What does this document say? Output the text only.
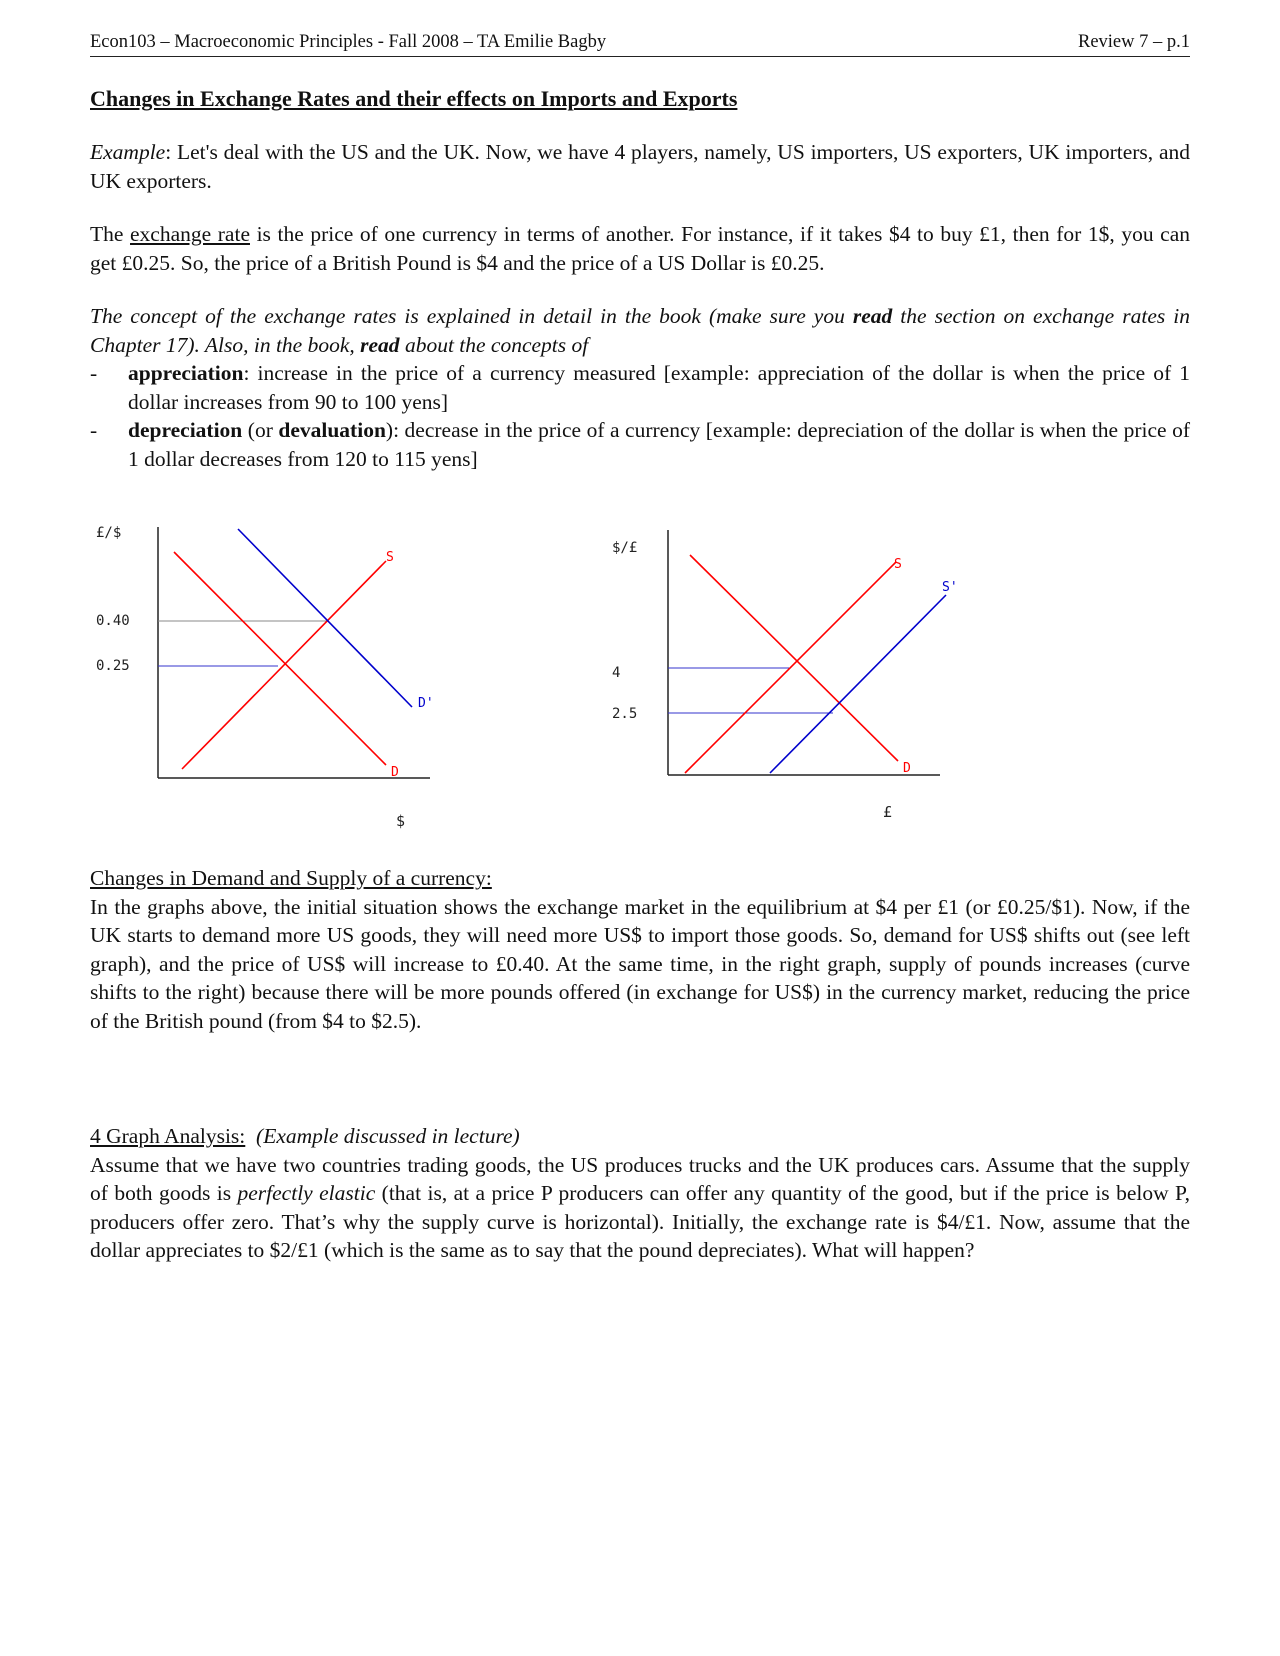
Econ103 – Macroeconomic Principles - Fall 2008 – TA Emilie Bagby	Review 7 – p.1
Changes in Exchange Rates and their effects on Imports and Exports

Example: Let's deal with the US and the UK. Now, we have 4 players, namely, US importers, US exporters, UK importers, and UK exporters.

The exchange rate is the price of one currency in terms of another. For instance, if it takes $4 to buy £1, then for 1$, you can get £0.25. So, the price of a British Pound is $4 and the price of a US Dollar is £0.25.

The concept of the exchange rates is explained in detail in the book (make sure you read the section on exchange rates in Chapter 17). Also, in the book, read about the concepts of

- appreciation: increase in the price of a currency measured [example: appreciation of the dollar is when the price of 1 dollar increases from 90 to 100 yens]
- depreciation (or devaluation): decrease in the price of a currency [example: depreciation of the dollar is when the price of 1 dollar decreases from 120 to 115 yens]
£/$
0.40
0.25
S
D
D'
$
$/£
4
2.5
S
S'
D
£

Changes in Demand and Supply of a currency:

In the graphs above, the initial situation shows the exchange market in the equilibrium at $4 per £1 (or £0.25/$1). Now, if the UK starts to demand more US goods, they will need more US$ to import those goods. So, demand for US$ shifts out (see left graph), and the price of US$ will increase to £0.40. At the same time, in the right graph, supply of pounds increases (curve shifts to the right) because there will be more pounds offered (in exchange for US$) in the currency market, reducing the price of the British pound (from $4 to $2.5).

4 Graph Analysis: (Example discussed in lecture)

Assume that we have two countries trading goods, the US produces trucks and the UK produces cars. Assume that the supply of both goods is perfectly elastic (that is, at a price P producers can offer any quantity of the good, but if the price is below P, producers offer zero. That’s why the supply curve is horizontal). Initially, the exchange rate is $4/£1. Now, assume that the dollar appreciates to $2/£1 (which is the same as to say that the pound depreciates). What will happen?
